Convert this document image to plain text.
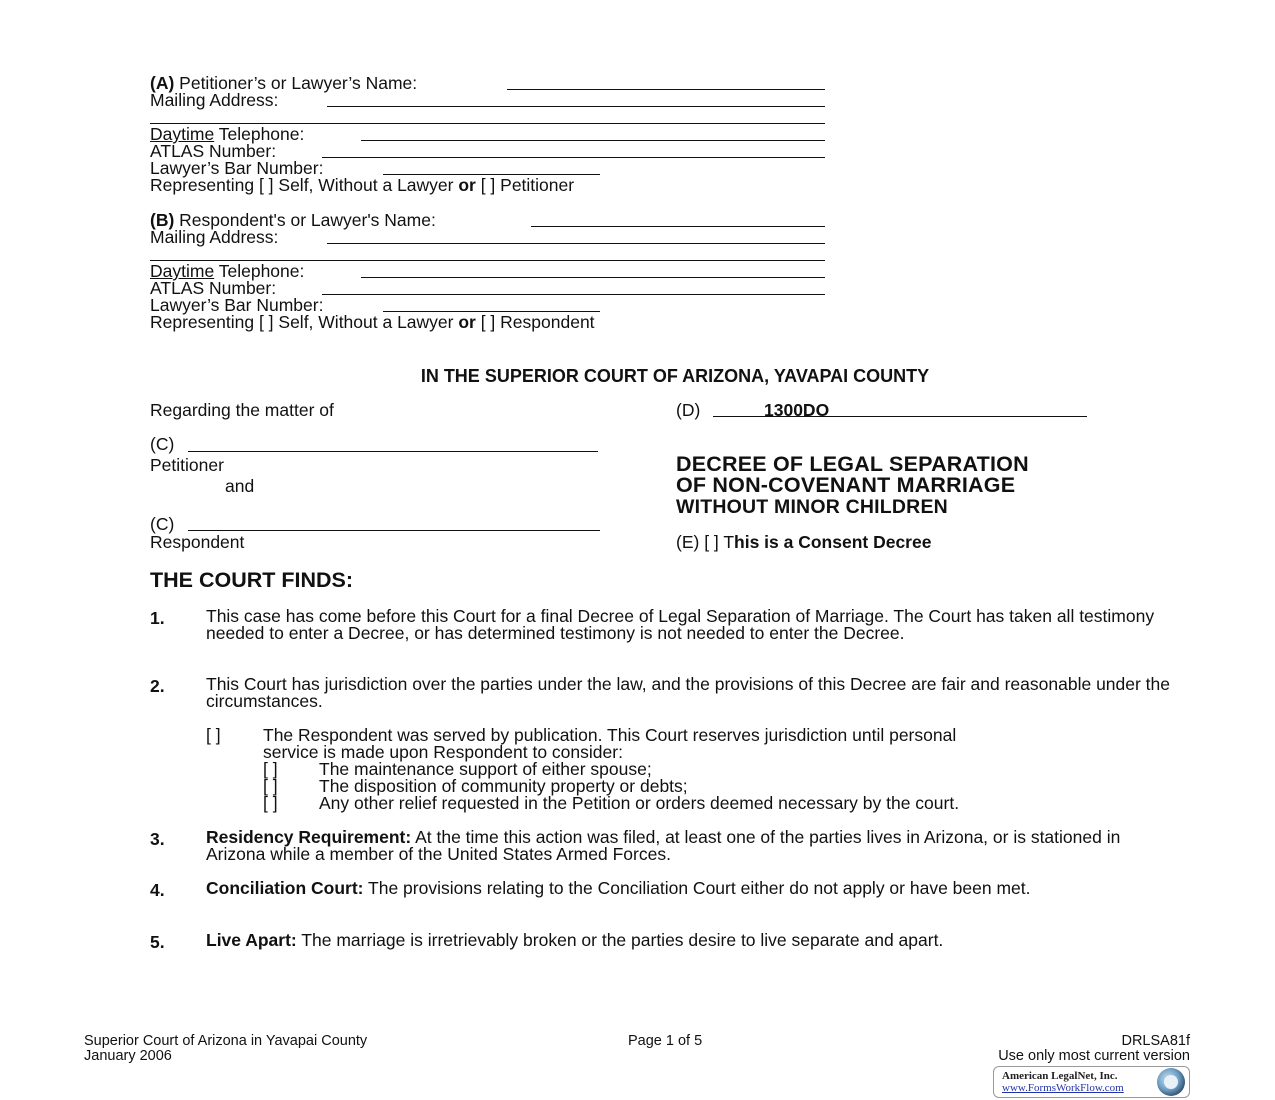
(A) Petitioner’s or Lawyer’s Name:
Mailing Address:
Daytime Telephone:
ATLAS Number:
Lawyer’s Bar Number:
Representing [ ] Self, Without a Lawyer or [ ] Petitioner
(B) Respondent's or Lawyer's Name:
Mailing Address:
Daytime Telephone:
ATLAS Number:
Lawyer’s Bar Number:
Representing [ ] Self, Without a Lawyer or [ ] Respondent
IN THE SUPERIOR COURT OF ARIZONA, YAVAPAI COUNTY
Regarding the matter of
(C)
Petitioner
and
(C)
Respondent
(D)	1300DO
DECREE OF LEGAL SEPARATION
OF NON-COVENANT MARRIAGE
WITHOUT MINOR CHILDREN
(E) [ ] This is a Consent Decree
THE COURT FINDS:
1. This case has come before this Court for a final Decree of Legal Separation of Marriage. The Court has taken all testimony needed to enter a Decree, or has determined testimony is not needed to enter the Decree.
2. This Court has jurisdiction over the parties under the law, and the provisions of this Decree are fair and reasonable under the circumstances.
[ ] The Respondent was served by publication. This Court reserves jurisdiction until personal
service is made upon Respondent to consider:
[ ] The maintenance support of either spouse;
[ ] The disposition of community property or debts;
[ ] Any other relief requested in the Petition or orders deemed necessary by the court.
3. Residency Requirement: At the time this action was filed, at least one of the parties lives in Arizona, or is stationed in Arizona while a member of the United States Armed Forces.
4. Conciliation Court: The provisions relating to the Conciliation Court either do not apply or have been met.
5. Live Apart: The marriage is irretrievably broken or the parties desire to live separate and apart.
Superior Court of Arizona in Yavapai County
January 2006
Page 1 of 5	DRLSA81f
Use only most current version
American LegalNet, Inc.
www.FormsWorkFlow.com
